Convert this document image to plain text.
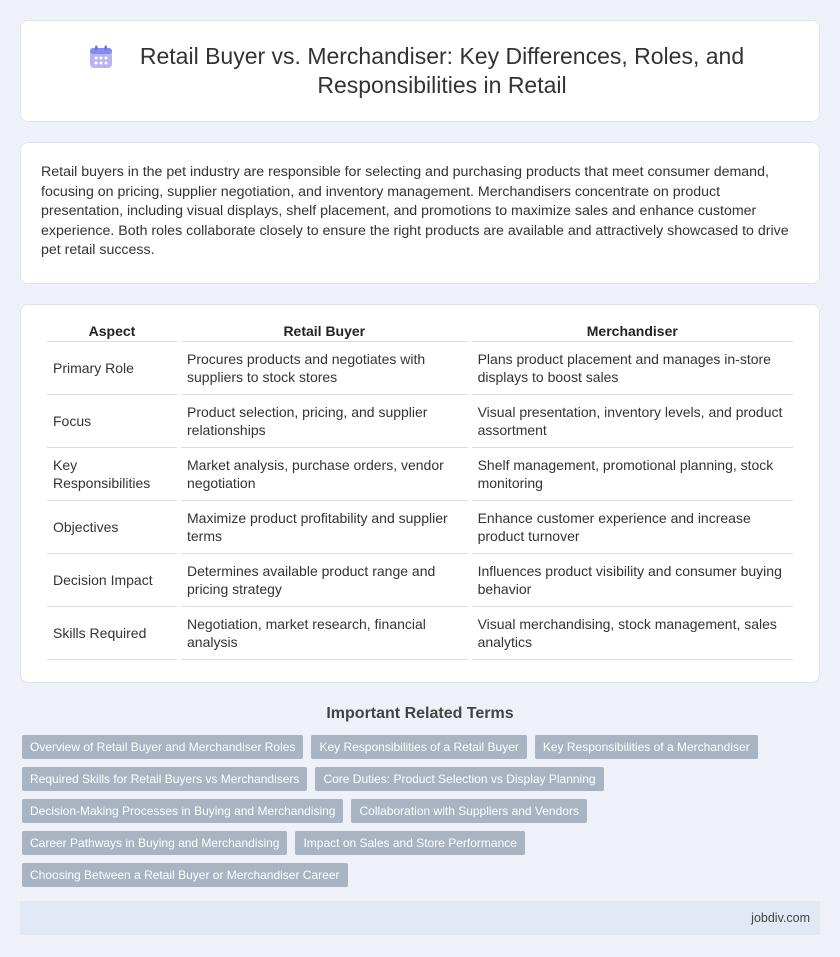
Retail Buyer vs. Merchandiser: Key Differences, Roles, and Responsibilities in Retail

Retail buyers in the pet industry are responsible for selecting and purchasing products that meet consumer demand, focusing on pricing, supplier negotiation, and inventory management. Merchandisers concentrate on product presentation, including visual displays, shelf placement, and promotions to maximize sales and enhance customer experience. Both roles collaborate closely to ensure the right products are available and attractively showcased to drive pet retail success.

Aspect	Retail Buyer	Merchandiser
Primary Role	Procures products and negotiates with suppliers to stock stores	Plans product placement and manages in-store displays to boost sales
Focus	Product selection, pricing, and supplier relationships	Visual presentation, inventory levels, and product assortment
Key Responsibilities	Market analysis, purchase orders, vendor negotiation	Shelf management, promotional planning, stock monitoring
Objectives	Maximize product profitability and supplier terms	Enhance customer experience and increase product turnover
Decision Impact	Determines available product range and pricing strategy	Influences product visibility and consumer buying behavior
Skills Required	Negotiation, market research, financial analysis	Visual merchandising, stock management, sales analytics
Important Related Terms
Overview of Retail Buyer and Merchandiser Roles	Key Responsibilities of a Retail Buyer	Key Responsibilities of a Merchandiser
Required Skills for Retail Buyers vs Merchandisers	Core Duties: Product Selection vs Display Planning
Decision-Making Processes in Buying and Merchandising	Collaboration with Suppliers and Vendors
Career Pathways in Buying and Merchandising	Impact on Sales and Store Performance
Choosing Between a Retail Buyer or Merchandiser Career
jobdiv.com
